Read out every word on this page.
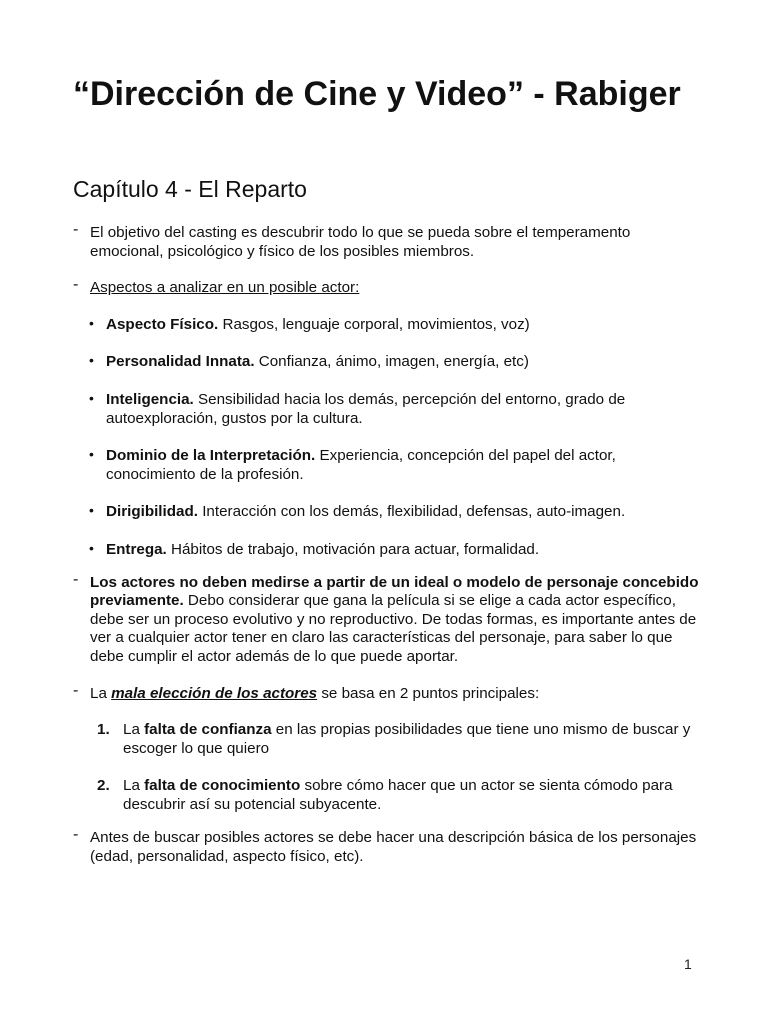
“Dirección de Cine y Video” - Rabiger
Capítulo 4 - El Reparto
- El objetivo del casting es descubrir todo lo que se pueda sobre el temperamento emocional, psicológico y físico de los posibles miembros.
- Aspectos a analizar en un posible actor:
• Aspecto Físico. Rasgos, lenguaje corporal, movimientos, voz)
• Personalidad Innata. Confianza, ánimo, imagen, energía, etc)
• Inteligencia. Sensibilidad hacia los demás, percepción del entorno, grado de autoexploración, gustos por la cultura.
• Dominio de la Interpretación. Experiencia, concepción del papel del actor, conocimiento de la profesión.
• Dirigibilidad. Interacción con los demás, flexibilidad, defensas, auto-imagen.
• Entrega. Hábitos de trabajo, motivación para actuar, formalidad.
- Los actores no deben medirse a partir de un ideal o modelo de personaje concebido previamente. Debo considerar que gana la película si se elige a cada actor específico, debe ser un proceso evolutivo y no reproductivo. De todas formas, es importante antes de ver a cualquier actor tener en claro las características del personaje, para saber lo que debe cumplir el actor además de lo que puede aportar.
- La mala elección de los actores se basa en 2 puntos principales:
1. La falta de confianza en las propias posibilidades que tiene uno mismo de buscar y escoger lo que quiero
2. La falta de conocimiento sobre cómo hacer que un actor se sienta cómodo para descubrir así su potencial subyacente.
- Antes de buscar posibles actores se debe hacer una descripción básica de los personajes (edad, personalidad, aspecto físico, etc).
1
